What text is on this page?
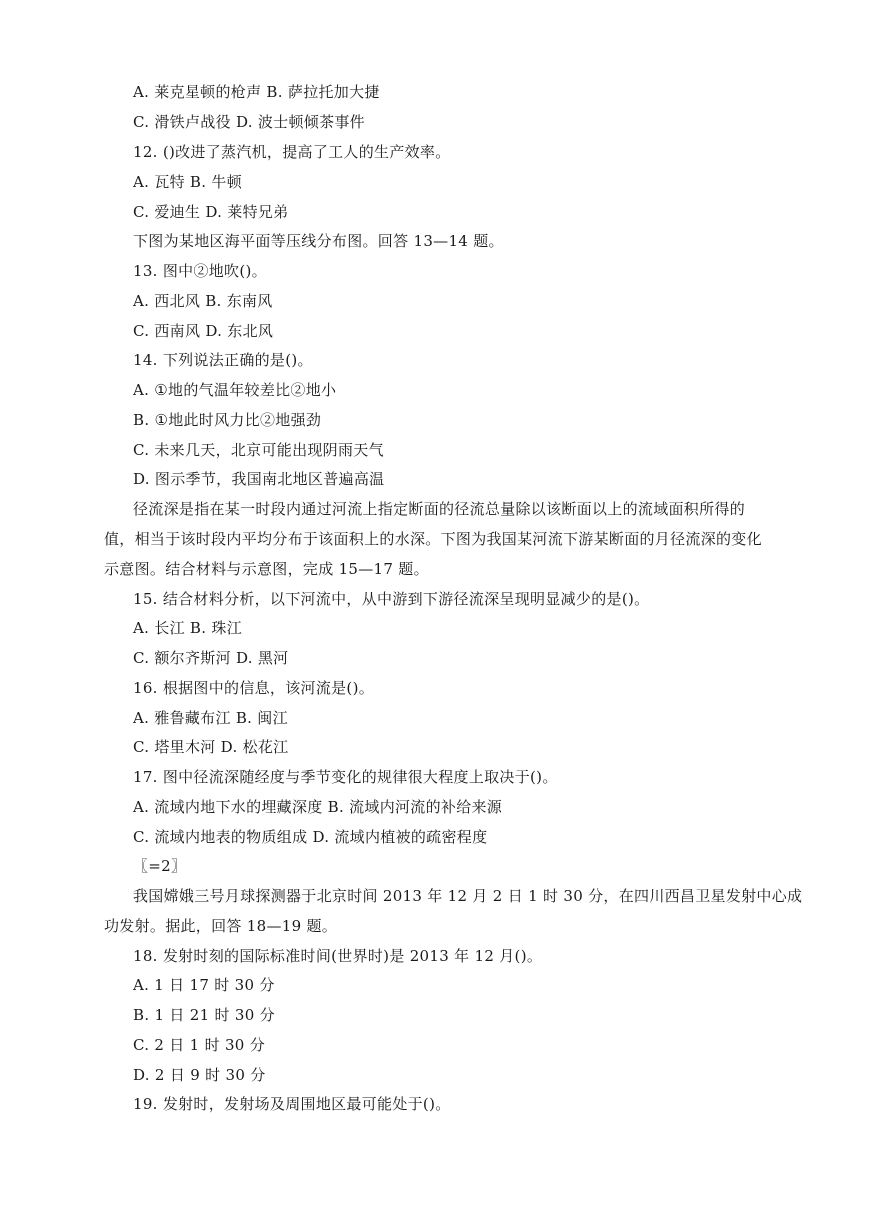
A. 莱克星顿的枪声 B. 萨拉托加大捷
C. 滑铁卢战役 D. 波士顿倾茶事件
12. ()改进了蒸汽机，提高了工人的生产效率。
A. 瓦特 B. 牛顿
C. 爱迪生 D. 莱特兄弟
下图为某地区海平面等压线分布图。回答 13—14 题。
13. 图中②地吹()。
A. 西北风 B. 东南风
C. 西南风 D. 东北风
14. 下列说法正确的是()。
A. ①地的气温年较差比②地小
B. ①地此时风力比②地强劲
C. 未来几天，北京可能出现阴雨天气
D. 图示季节，我国南北地区普遍高温
径流深是指在某一时段内通过河流上指定断面的径流总量除以该断面以上的流域面积所得的
值，相当于该时段内平均分布于该面积上的水深。下图为我国某河流下游某断面的月径流深的变化
示意图。结合材料与示意图，完成 15—17 题。
15. 结合材料分析，以下河流中，从中游到下游径流深呈现明显减少的是()。
A. 长江 B. 珠江
C. 额尔齐斯河 D. 黑河
16. 根据图中的信息，该河流是()。
A. 雅鲁藏布江 B. 闽江
C. 塔里木河 D. 松花江
17. 图中径流深随经度与季节变化的规律很大程度上取决于()。
A. 流域内地下水的埋藏深度 B. 流域内河流的补给来源
C. 流域内地表的物质组成 D. 流域内植被的疏密程度
〖=2〗
我国嫦娥三号月球探测器于北京时间 2013 年 12 月 2 日 1 时 30 分，在四川西昌卫星发射中心成
功发射。据此，回答 18—19 题。
18. 发射时刻的国际标准时间(世界时)是 2013 年 12 月()。
A. 1 日 17 时 30 分
B. 1 日 21 时 30 分
C. 2 日 1 时 30 分
D. 2 日 9 时 30 分
19. 发射时，发射场及周围地区最可能处于()。
